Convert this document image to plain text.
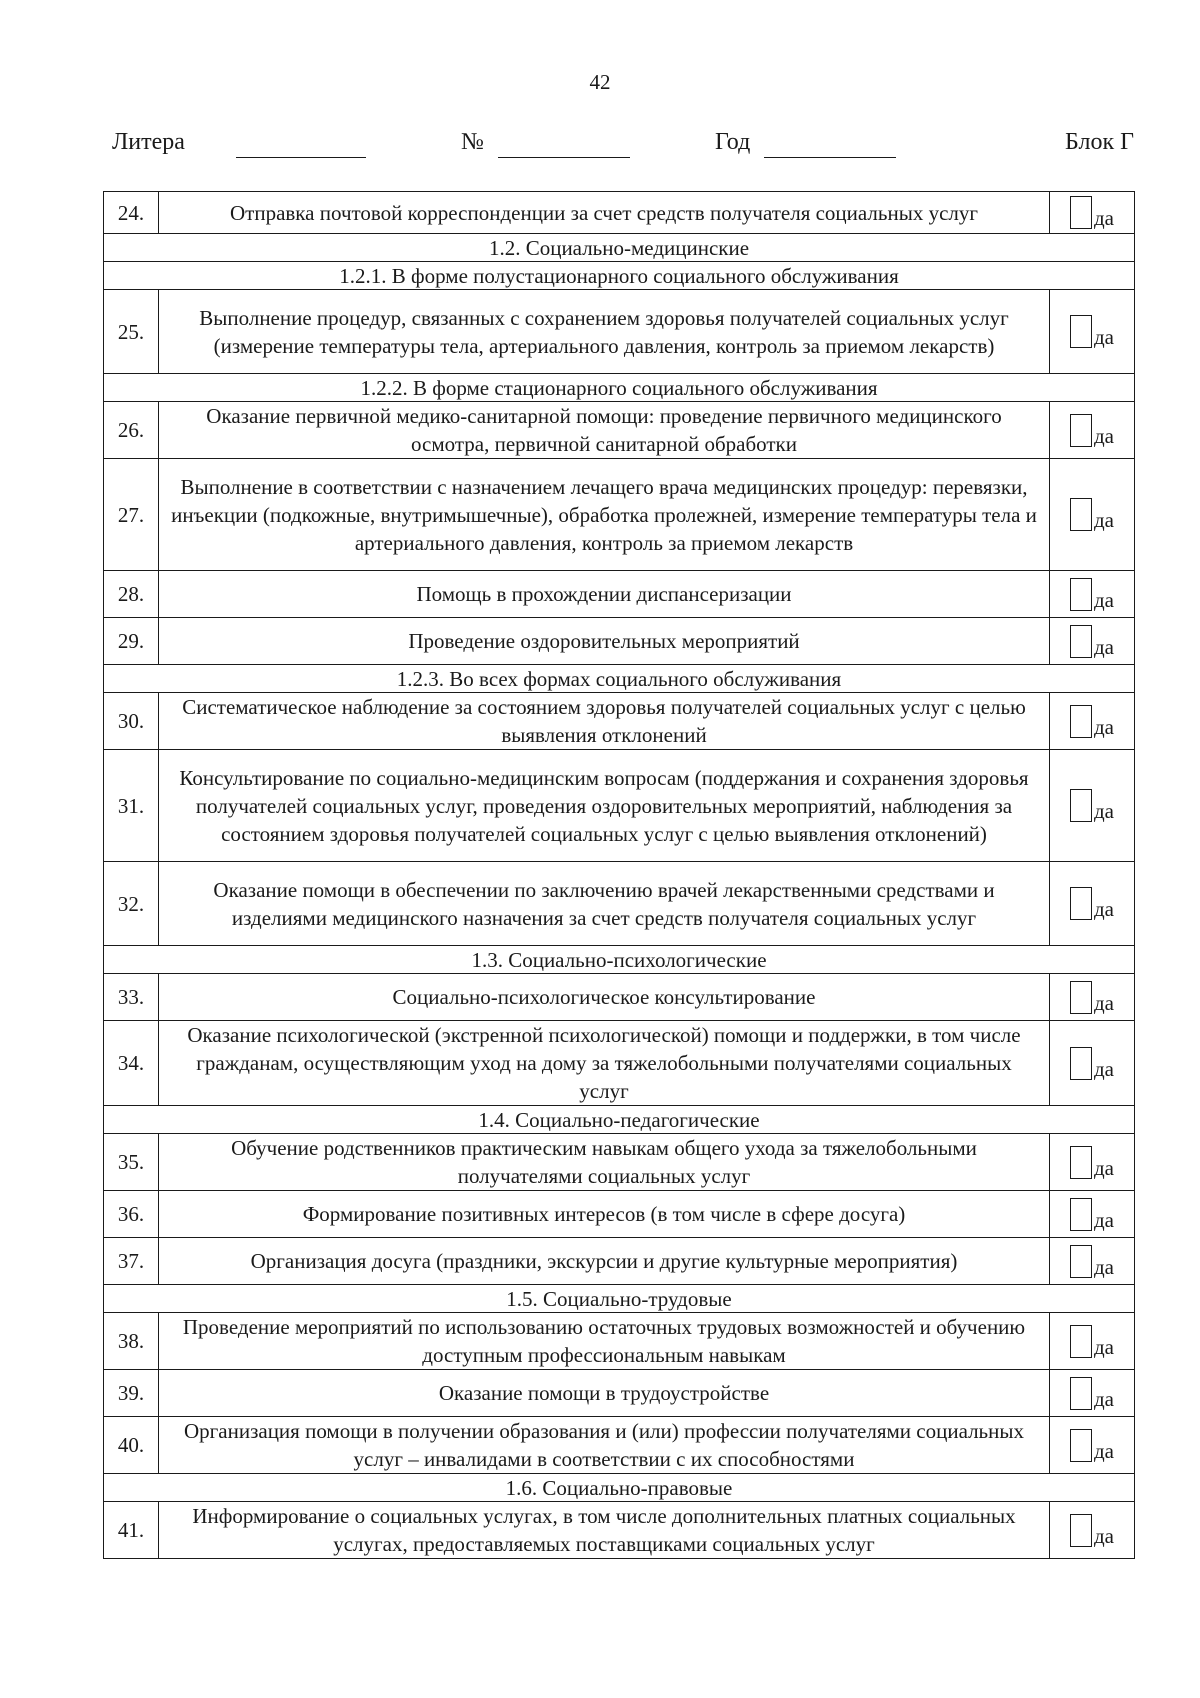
42
Литера	№	Год	Блок Г
24.	Отправка почтовой корреспонденции за счет средств получателя социальных услуг	да
1.2. Социально-медицинские		
1.2.1. В форме полустационарного социального обслуживания		
25.	Выполнение процедур, связанных с сохранением здоровья получателей социальных услуг (измерение температуры тела, артериального давления, контроль за приемом лекарств)	да
1.2.2. В форме стационарного социального обслуживания		
26.	Оказание первичной медико-санитарной помощи: проведение первичного медицинского осмотра, первичной санитарной обработки	да
27.	Выполнение в соответствии с назначением лечащего врача медицинских процедур: перевязки, инъекции (подкожные, внутримышечные), обработка пролежней, измерение температуры тела и артериального давления, контроль за приемом лекарств	да
28.	Помощь в прохождении диспансеризации	да
29.	Проведение оздоровительных мероприятий	да
1.2.3. Во всех формах социального обслуживания		
30.	Систематическое наблюдение за состоянием здоровья получателей социальных услуг с целью выявления отклонений	да
31.	Консультирование по социально-медицинским вопросам (поддержания и сохранения здоровья получателей социальных услуг, проведения оздоровительных мероприятий, наблюдения за состоянием здоровья получателей социальных услуг с целью выявления отклонений)	да
32.	Оказание помощи в обеспечении по заключению врачей лекарственными средствами и изделиями медицинского назначения за счет средств получателя социальных услуг	да
1.3. Социально-психологические		
33.	Социально-психологическое консультирование	да
34.	Оказание психологической (экстренной психологической) помощи и поддержки, в том числе гражданам, осуществляющим уход на дому за тяжелобольными получателями социальных услуг	да
1.4. Социально-педагогические		
35.	Обучение родственников практическим навыкам общего ухода за тяжелобольными получателями социальных услуг	да
36.	Формирование позитивных интересов (в том числе в сфере досуга)	да
37.	Организация досуга (праздники, экскурсии и другие культурные мероприятия)	да
1.5. Социально-трудовые		
38.	Проведение мероприятий по использованию остаточных трудовых возможностей и обучению доступным профессиональным навыкам	да
39.	Оказание помощи в трудоустройстве	да
40.	Организация помощи в получении образования и (или) профессии получателями социальных услуг – инвалидами в соответствии с их способностями	да
1.6. Социально-правовые		
41.	Информирование о социальных услугах, в том числе дополнительных платных социальных услугах, предоставляемых поставщиками социальных услуг	да
